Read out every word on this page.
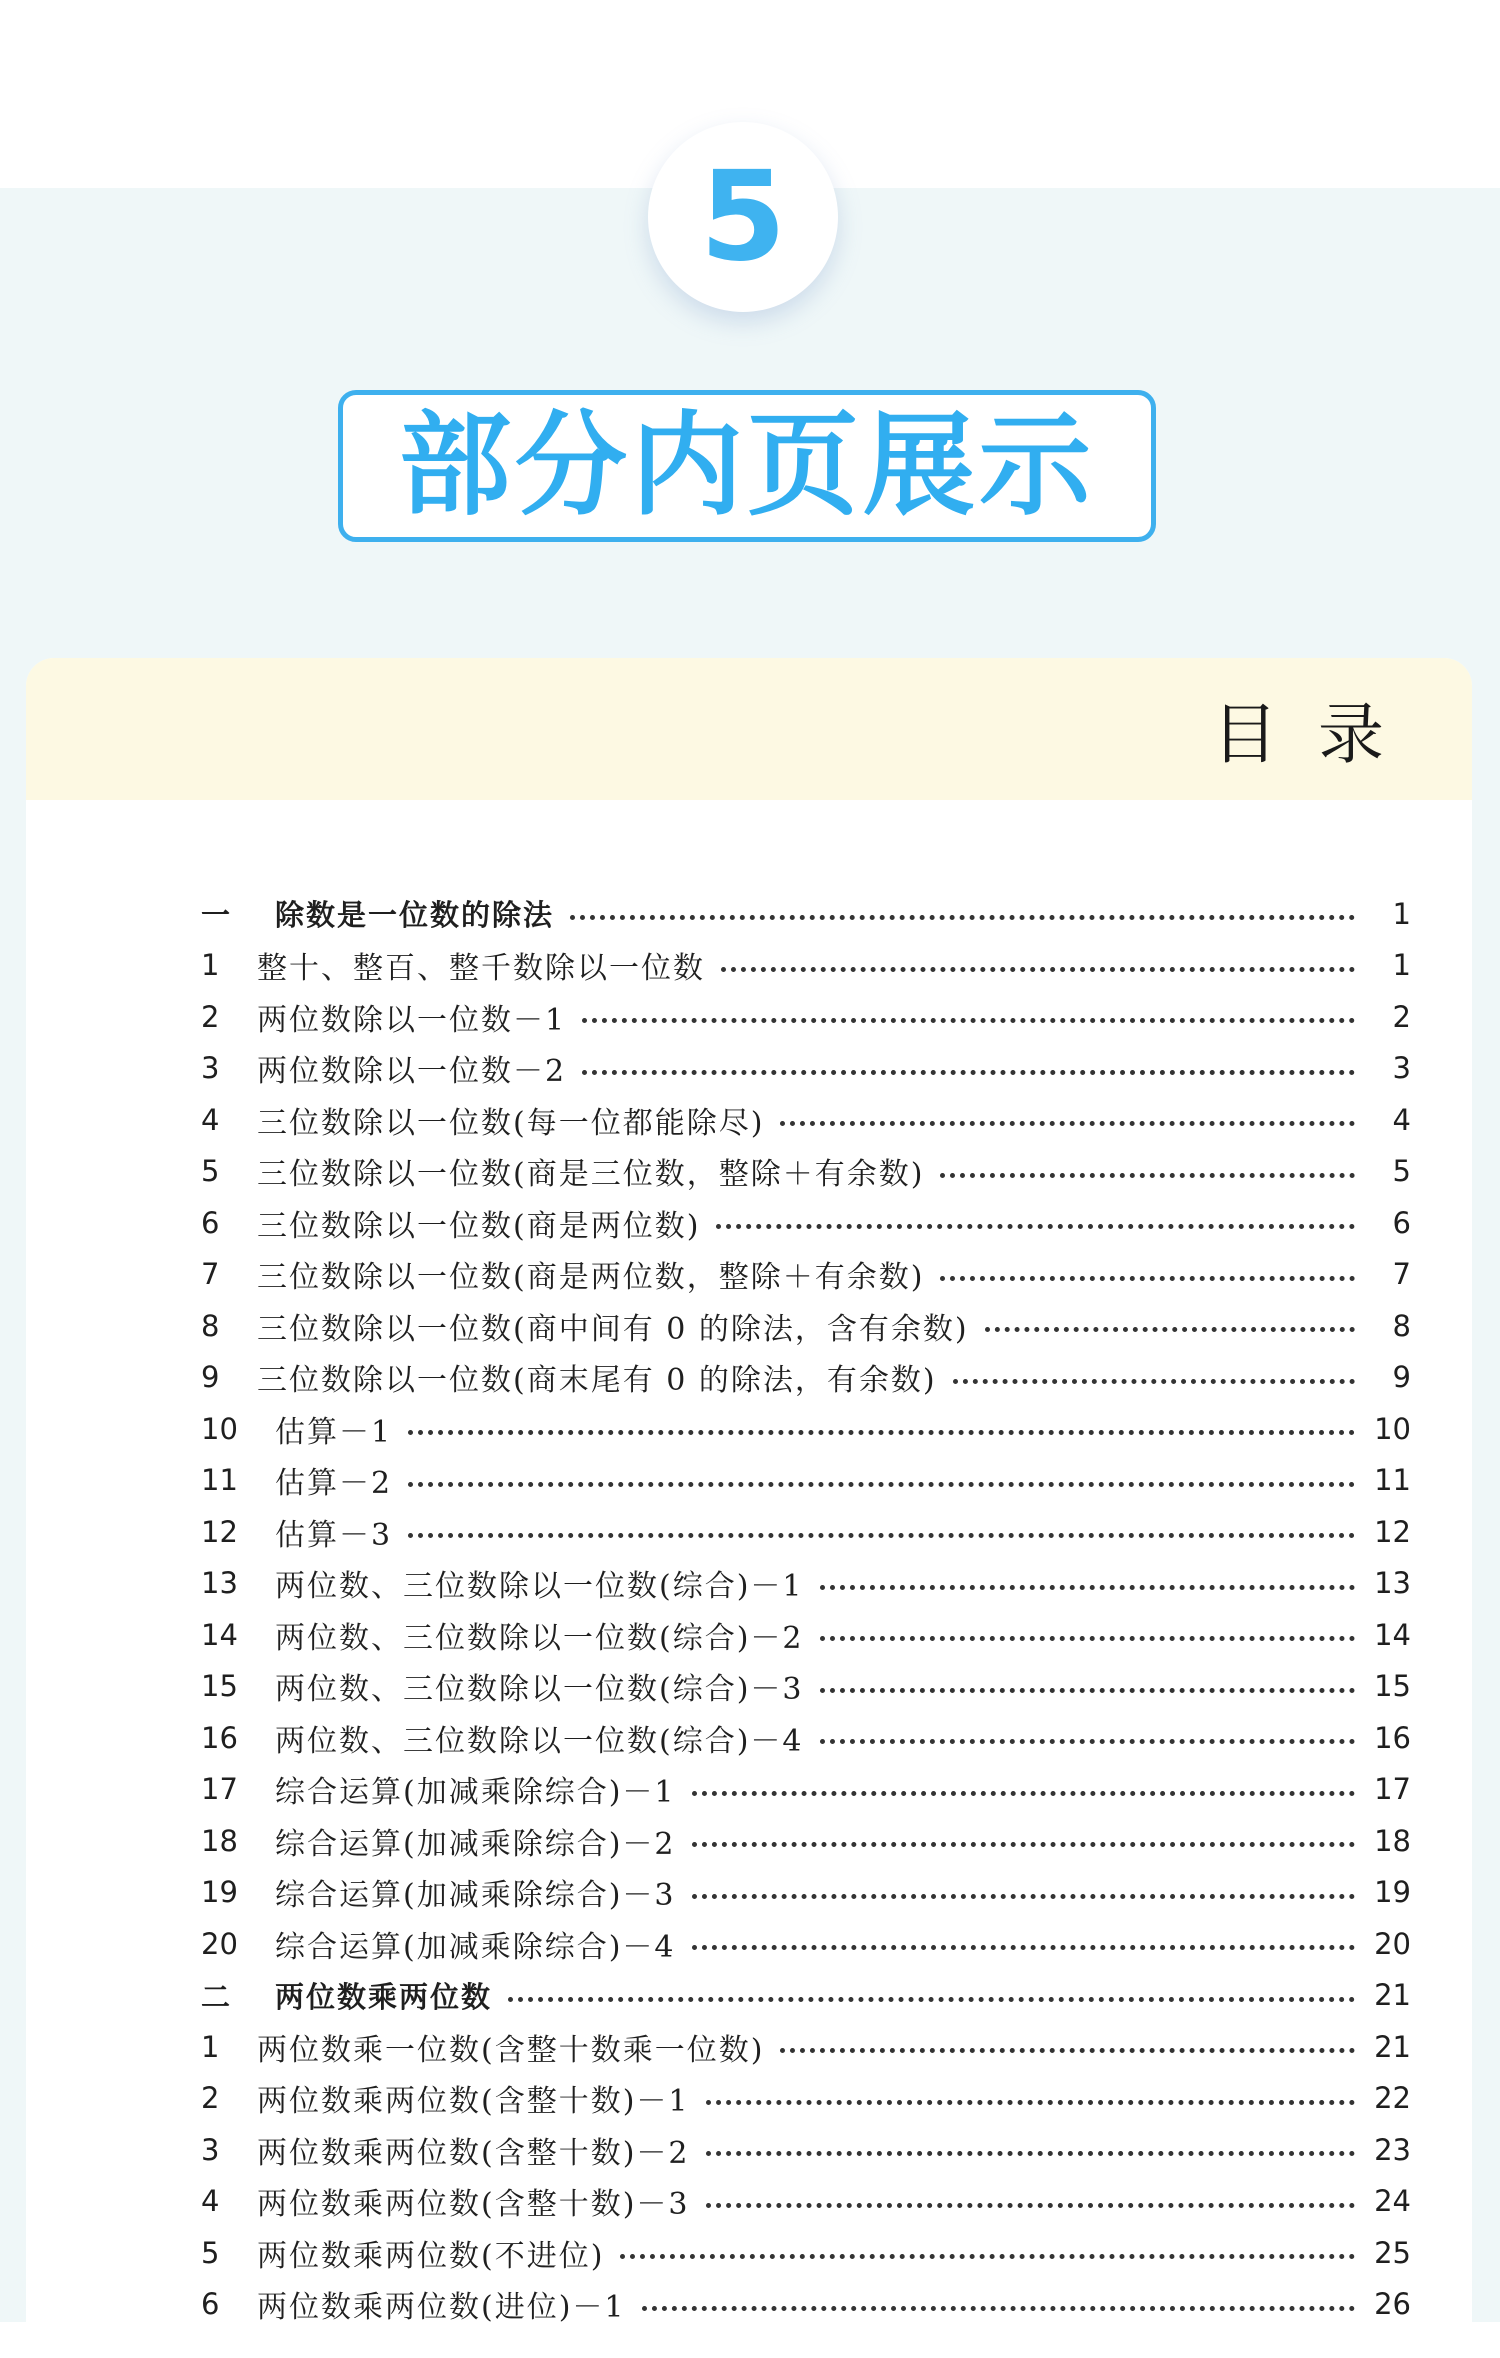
5
部分内页展示
目录
一	除数是一位数的除法	1
1	整十、整百、整千数除以一位数	1
2	两位数除以一位数－1	2
3	两位数除以一位数－2	3
4	三位数除以一位数(每一位都能除尽)	4
5	三位数除以一位数(商是三位数，整除＋有余数)	5
6	三位数除以一位数(商是两位数)	6
7	三位数除以一位数(商是两位数，整除＋有余数)	7
8	三位数除以一位数(商中间有 0 的除法，含有余数)	8
9	三位数除以一位数(商末尾有 0 的除法，有余数)	9
10	估算－1	10
11	估算－2	11
12	估算－3	12
13	两位数、三位数除以一位数(综合)－1	13
14	两位数、三位数除以一位数(综合)－2	14
15	两位数、三位数除以一位数(综合)－3	15
16	两位数、三位数除以一位数(综合)－4	16
17	综合运算(加减乘除综合)－1	17
18	综合运算(加减乘除综合)－2	18
19	综合运算(加减乘除综合)－3	19
20	综合运算(加减乘除综合)－4	20
二	两位数乘两位数	21
1	两位数乘一位数(含整十数乘一位数)	21
2	两位数乘两位数(含整十数)－1	22
3	两位数乘两位数(含整十数)－2	23
4	两位数乘两位数(含整十数)－3	24
5	两位数乘两位数(不进位)	25
6	两位数乘两位数(进位)－1	26
